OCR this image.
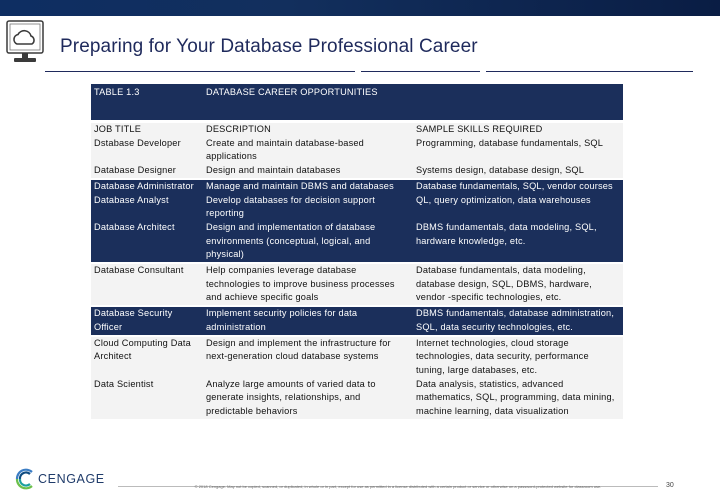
Preparing for Your Database Professional Career
TABLE 1.3	DATABASE CAREER OPPORTUNITIES	

JOB TITLE	DESCRIPTION	SAMPLE SKILLS REQUIRED
Dstabase Developer	Create and maintain database-based applications	Programming, database fundamentals, SQL
Database Designer	Design and maintain databases	Systems design, database design, SQL
Database Administrator	Manage and maintain DBMS and databases	Database fundamentals, SQL, vendor courses
Database Analyst	Develop databases for decision support reporting	QL, query optimization, data warehouses
Database Architect	Design and implementation of database environments (conceptual, logical, and physical)	DBMS fundamentals, data modeling, SQL, hardware knowledge, etc.
Database Consultant	Help companies leverage database technologies to improve business processes and achieve specific goals	Database fundamentals, data modeling, database design, SQL, DBMS, hardware, vendor -specific technologies, etc.
Database Security Officer	Implement security policies for data administration	DBMS fundamentals, database administration, SQL, data security technologies, etc.
Cloud Computing Data Architect	Design and implement the infrastructure for next-generation cloud database systems	Internet technologies, cloud storage technologies, data security, performance tuning, large databases, etc.
Data Scientist	Analyze large amounts of varied data to generate insights, relationships, and predictable behaviors	Data analysis, statistics, advanced mathematics, SQL, programming, data mining, machine learning, data visualization
CENGAGE
© 2018 Cengage. May not be copied, scanned, or duplicated, in whole or in part, except for use as permitted in a license distributed with a certain product or service or otherwise on a password-protected website for classroom use.	30
